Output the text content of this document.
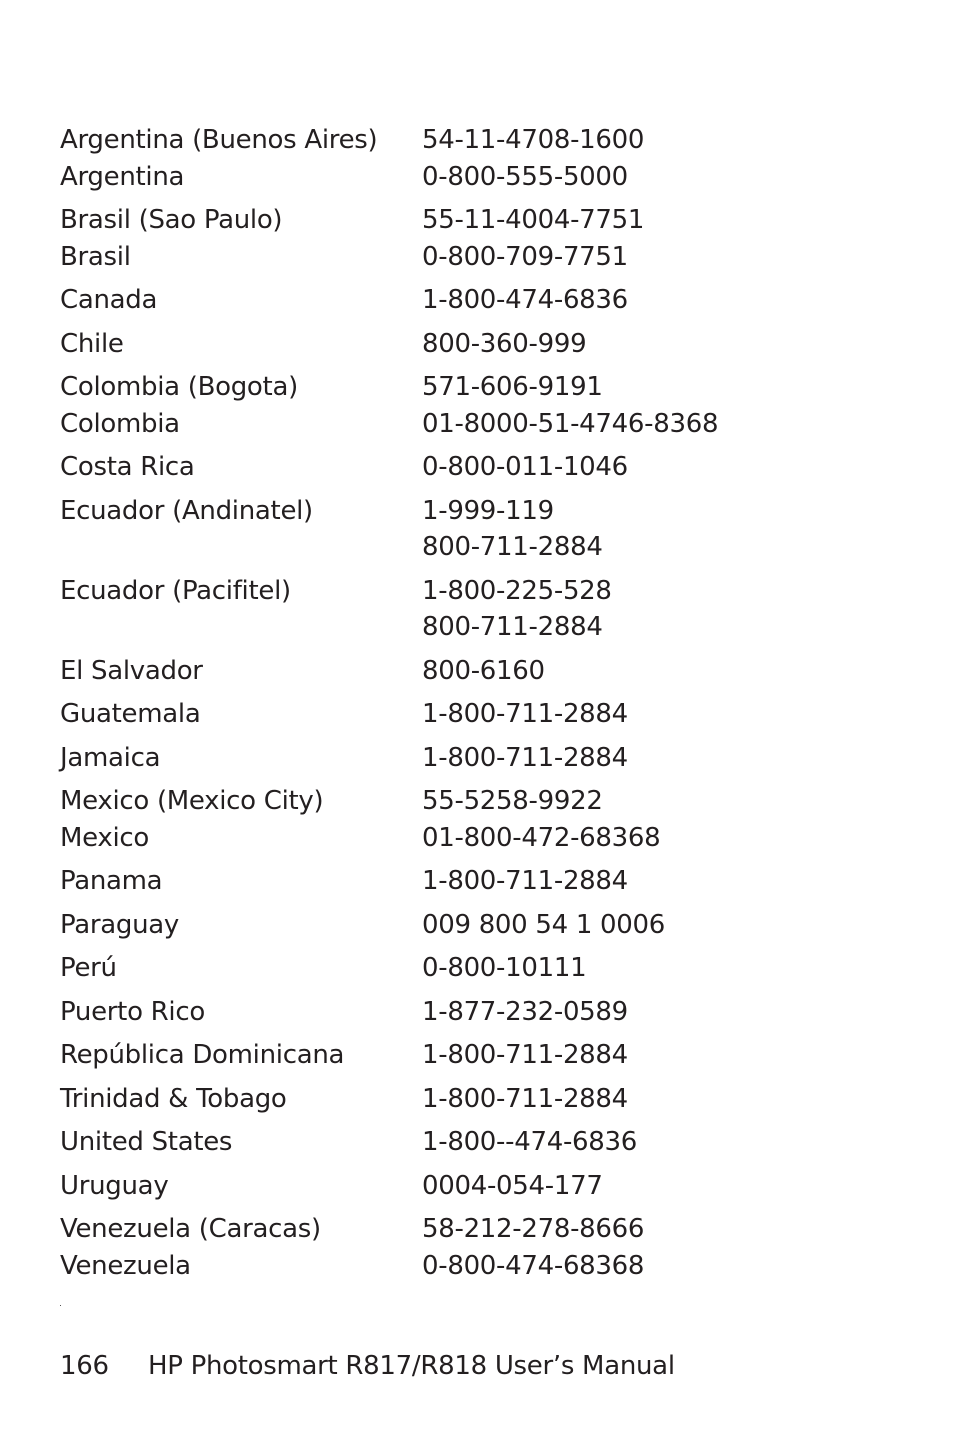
Argentina (Buenos Aires)	54-11-4708-1600
Argentina	0-800-555-5000
Brasil (Sao Paulo)	55-11-4004-7751
Brasil	0-800-709-7751
Canada	1-800-474-6836
Chile	800-360-999
Colombia (Bogota)	571-606-9191
Colombia	01-8000-51-4746-8368
Costa Rica	0-800-011-1046
Ecuador (Andinatel)	1-999-119
800-711-2884
Ecuador (Pacifitel)	1-800-225-528
800-711-2884
El Salvador	800-6160
Guatemala	1-800-711-2884
Jamaica	1-800-711-2884
Mexico (Mexico City)	55-5258-9922
Mexico	01-800-472-68368
Panama	1-800-711-2884
Paraguay	009 800 54 1 0006
Perú	0-800-10111
Puerto Rico	1-877-232-0589
República Dominicana	1-800-711-2884
Trinidad & Tobago	1-800-711-2884
United States	1-800--474-6836
Uruguay	0004-054-177
Venezuela (Caracas)	58-212-278-8666
Venezuela	0-800-474-68368
166 HP Photosmart R817/R818 User’s Manual
